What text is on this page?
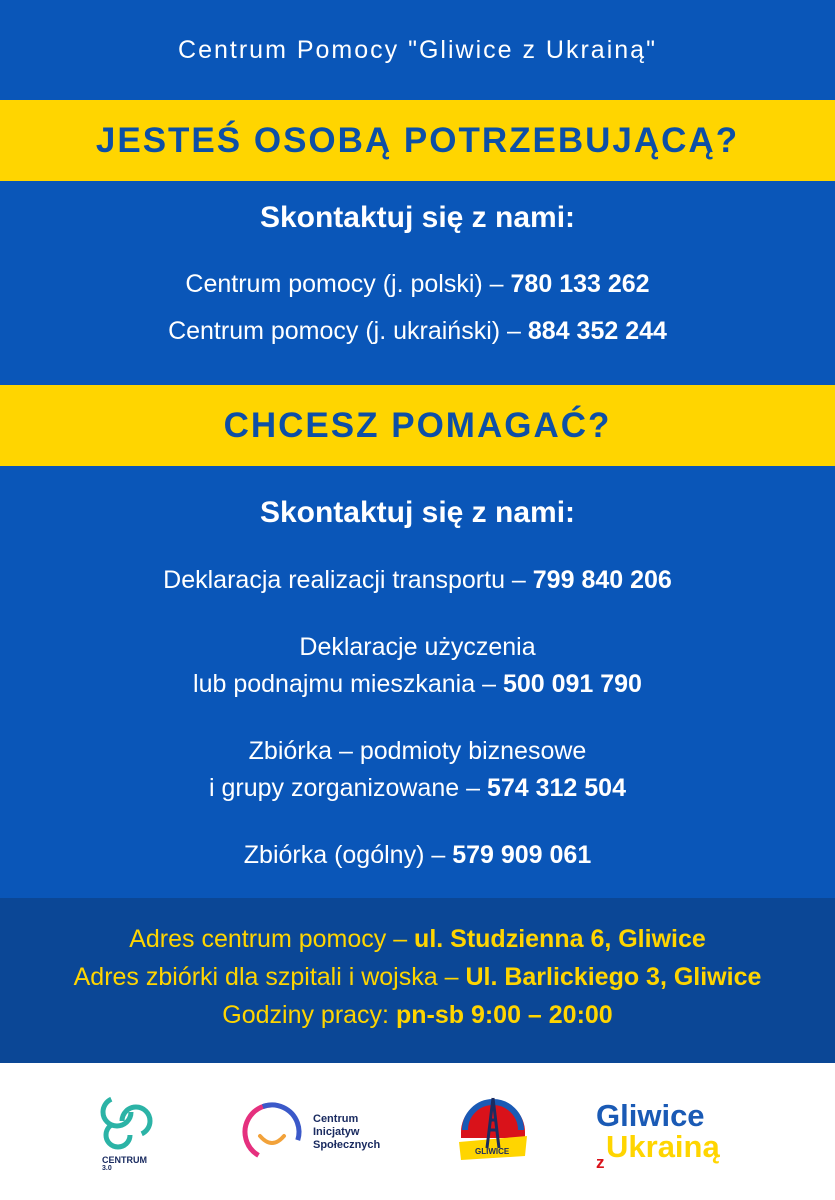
Centrum Pomocy "Gliwice z Ukrainą"
JESTEŚ OSOBĄ POTRZEBUJĄCĄ?
Skontaktuj się z nami:
Centrum pomocy (j. polski) – 780 133 262
Centrum pomocy (j. ukraiński) – 884 352 244
CHCESZ POMAGAĆ?
Skontaktuj się z nami:
Deklaracja realizacji transportu – 799 840 206
Deklaracje użyczenia
lub podnajmu mieszkania – 500 091 790
Zbiórka – podmioty biznesowe
i grupy zorganizowane – 574 312 504
Zbiórka (ogólny) – 579 909 061
Adres centrum pomocy – ul. Studzienna 6, Gliwice
Adres zbiórki dla szpitali i wojska – Ul. Barlickiego 3, Gliwice
Godziny pracy: pn-sb 9:00 – 20:00
CENTRUM
3.0
Centrum
Inicjatyw
Społecznych
GLIWICE
Gliwice
z Ukrainą
